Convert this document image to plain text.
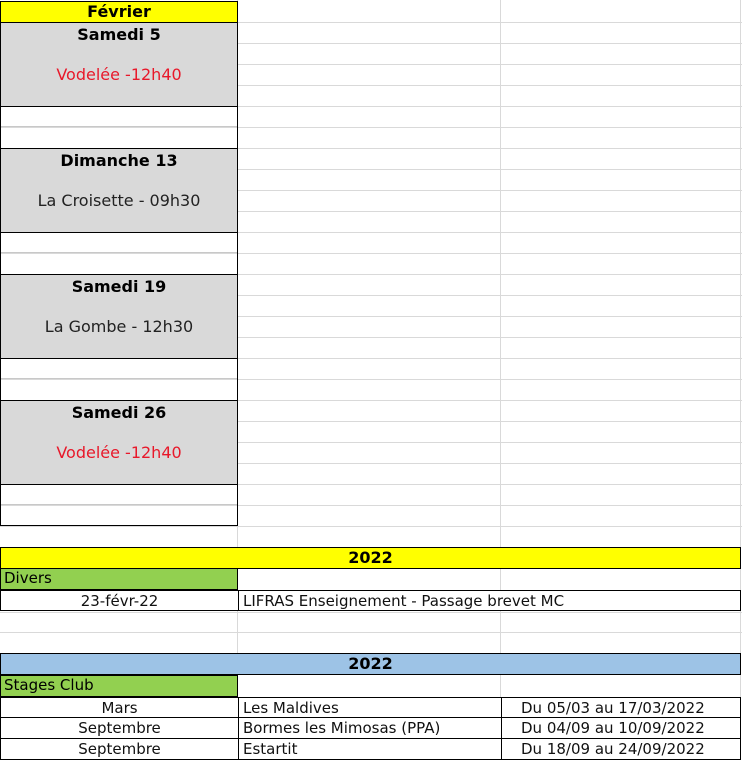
Février
Samedi 5
Vodelée -12h40
Dimanche 13
La Croisette - 09h30
Samedi 19
La Gombe - 12h30
Samedi 26
Vodelée -12h40
2022
Divers
23-févr-22	LIFRAS Enseignement - Passage brevet MC
2022
Stages Club
Mars	Les Maldives	Du 05/03 au 17/03/2022
Septembre	Bormes les Mimosas (PPA)	Du 04/09 au 10/09/2022
Septembre	Estartit	Du 18/09 au 24/09/2022
